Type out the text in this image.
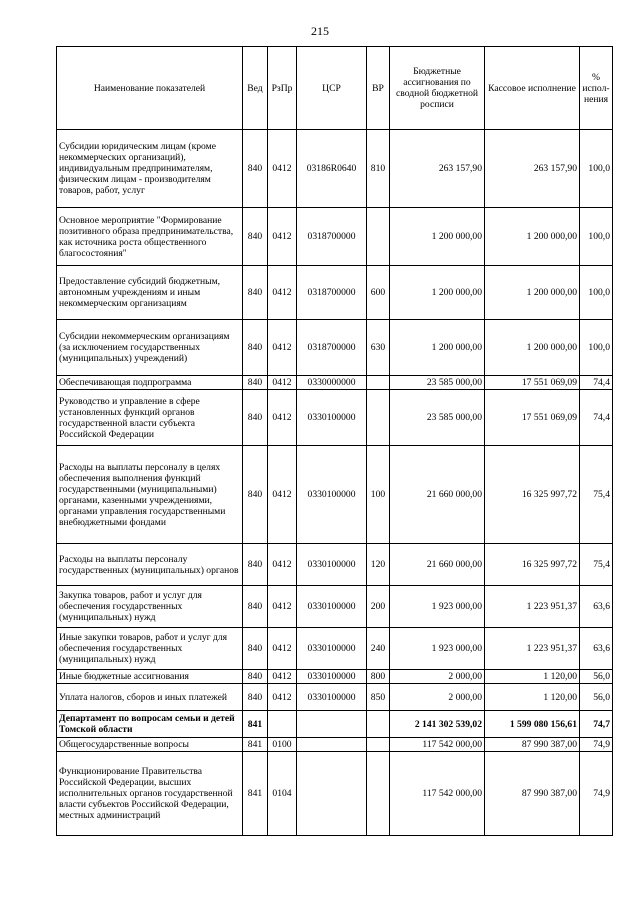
215
Наименование показателей	Вед	РзПр	ЦСР	ВР	Бюджетные ассигнования по сводной бюджетной росписи	Кассовое исполнение	% испол-нения
Субсидии юридическим лицам (кроме некоммерческих организаций), индивидуальным предпринимателям, физическим лицам - производителям товаров, работ, услуг	840	0412	03186R0640	810	263 157,90	263 157,90	100,0
Основное мероприятие "Формирование позитивного образа предпринимательства, как источника роста общественного благосостояния"	840	0412	0318700000		1 200 000,00	1 200 000,00	100,0
Предоставление субсидий бюджетным, автономным учреждениям и иным некоммерческим организациям	840	0412	0318700000	600	1 200 000,00	1 200 000,00	100,0
Субсидии некоммерческим организациям (за исключением государственных (муниципальных) учреждений)	840	0412	0318700000	630	1 200 000,00	1 200 000,00	100,0
Обеспечивающая подпрограмма	840	0412	0330000000		23 585 000,00	17 551 069,09	74,4
Руководство и управление в сфере установленных функций органов государственной власти субъекта Российской Федерации	840	0412	0330100000		23 585 000,00	17 551 069,09	74,4
Расходы на выплаты персоналу в целях обеспечения выполнения функций государственными (муниципальными) органами, казенными учреждениями, органами управления государственными внебюджетными фондами	840	0412	0330100000	100	21 660 000,00	16 325 997,72	75,4
Расходы на выплаты персоналу государственных (муниципальных) органов	840	0412	0330100000	120	21 660 000,00	16 325 997,72	75,4
Закупка товаров, работ и услуг для обеспечения государственных (муниципальных) нужд	840	0412	0330100000	200	1 923 000,00	1 223 951,37	63,6
Иные закупки товаров, работ и услуг для обеспечения государственных (муниципальных) нужд	840	0412	0330100000	240	1 923 000,00	1 223 951,37	63,6
Иные бюджетные ассигнования	840	0412	0330100000	800	2 000,00	1 120,00	56,0
Уплата налогов, сборов и иных платежей	840	0412	0330100000	850	2 000,00	1 120,00	56,0
Департамент по вопросам семьи и детей Томской области	841				2 141 302 539,02	1 599 080 156,61	74,7
Общегосударственные вопросы	841	0100			117 542 000,00	87 990 387,00	74,9
Функционирование Правительства Российской Федерации, высших исполнительных органов государственной власти субъектов Российской Федерации, местных администраций	841	0104			117 542 000,00	87 990 387,00	74,9
